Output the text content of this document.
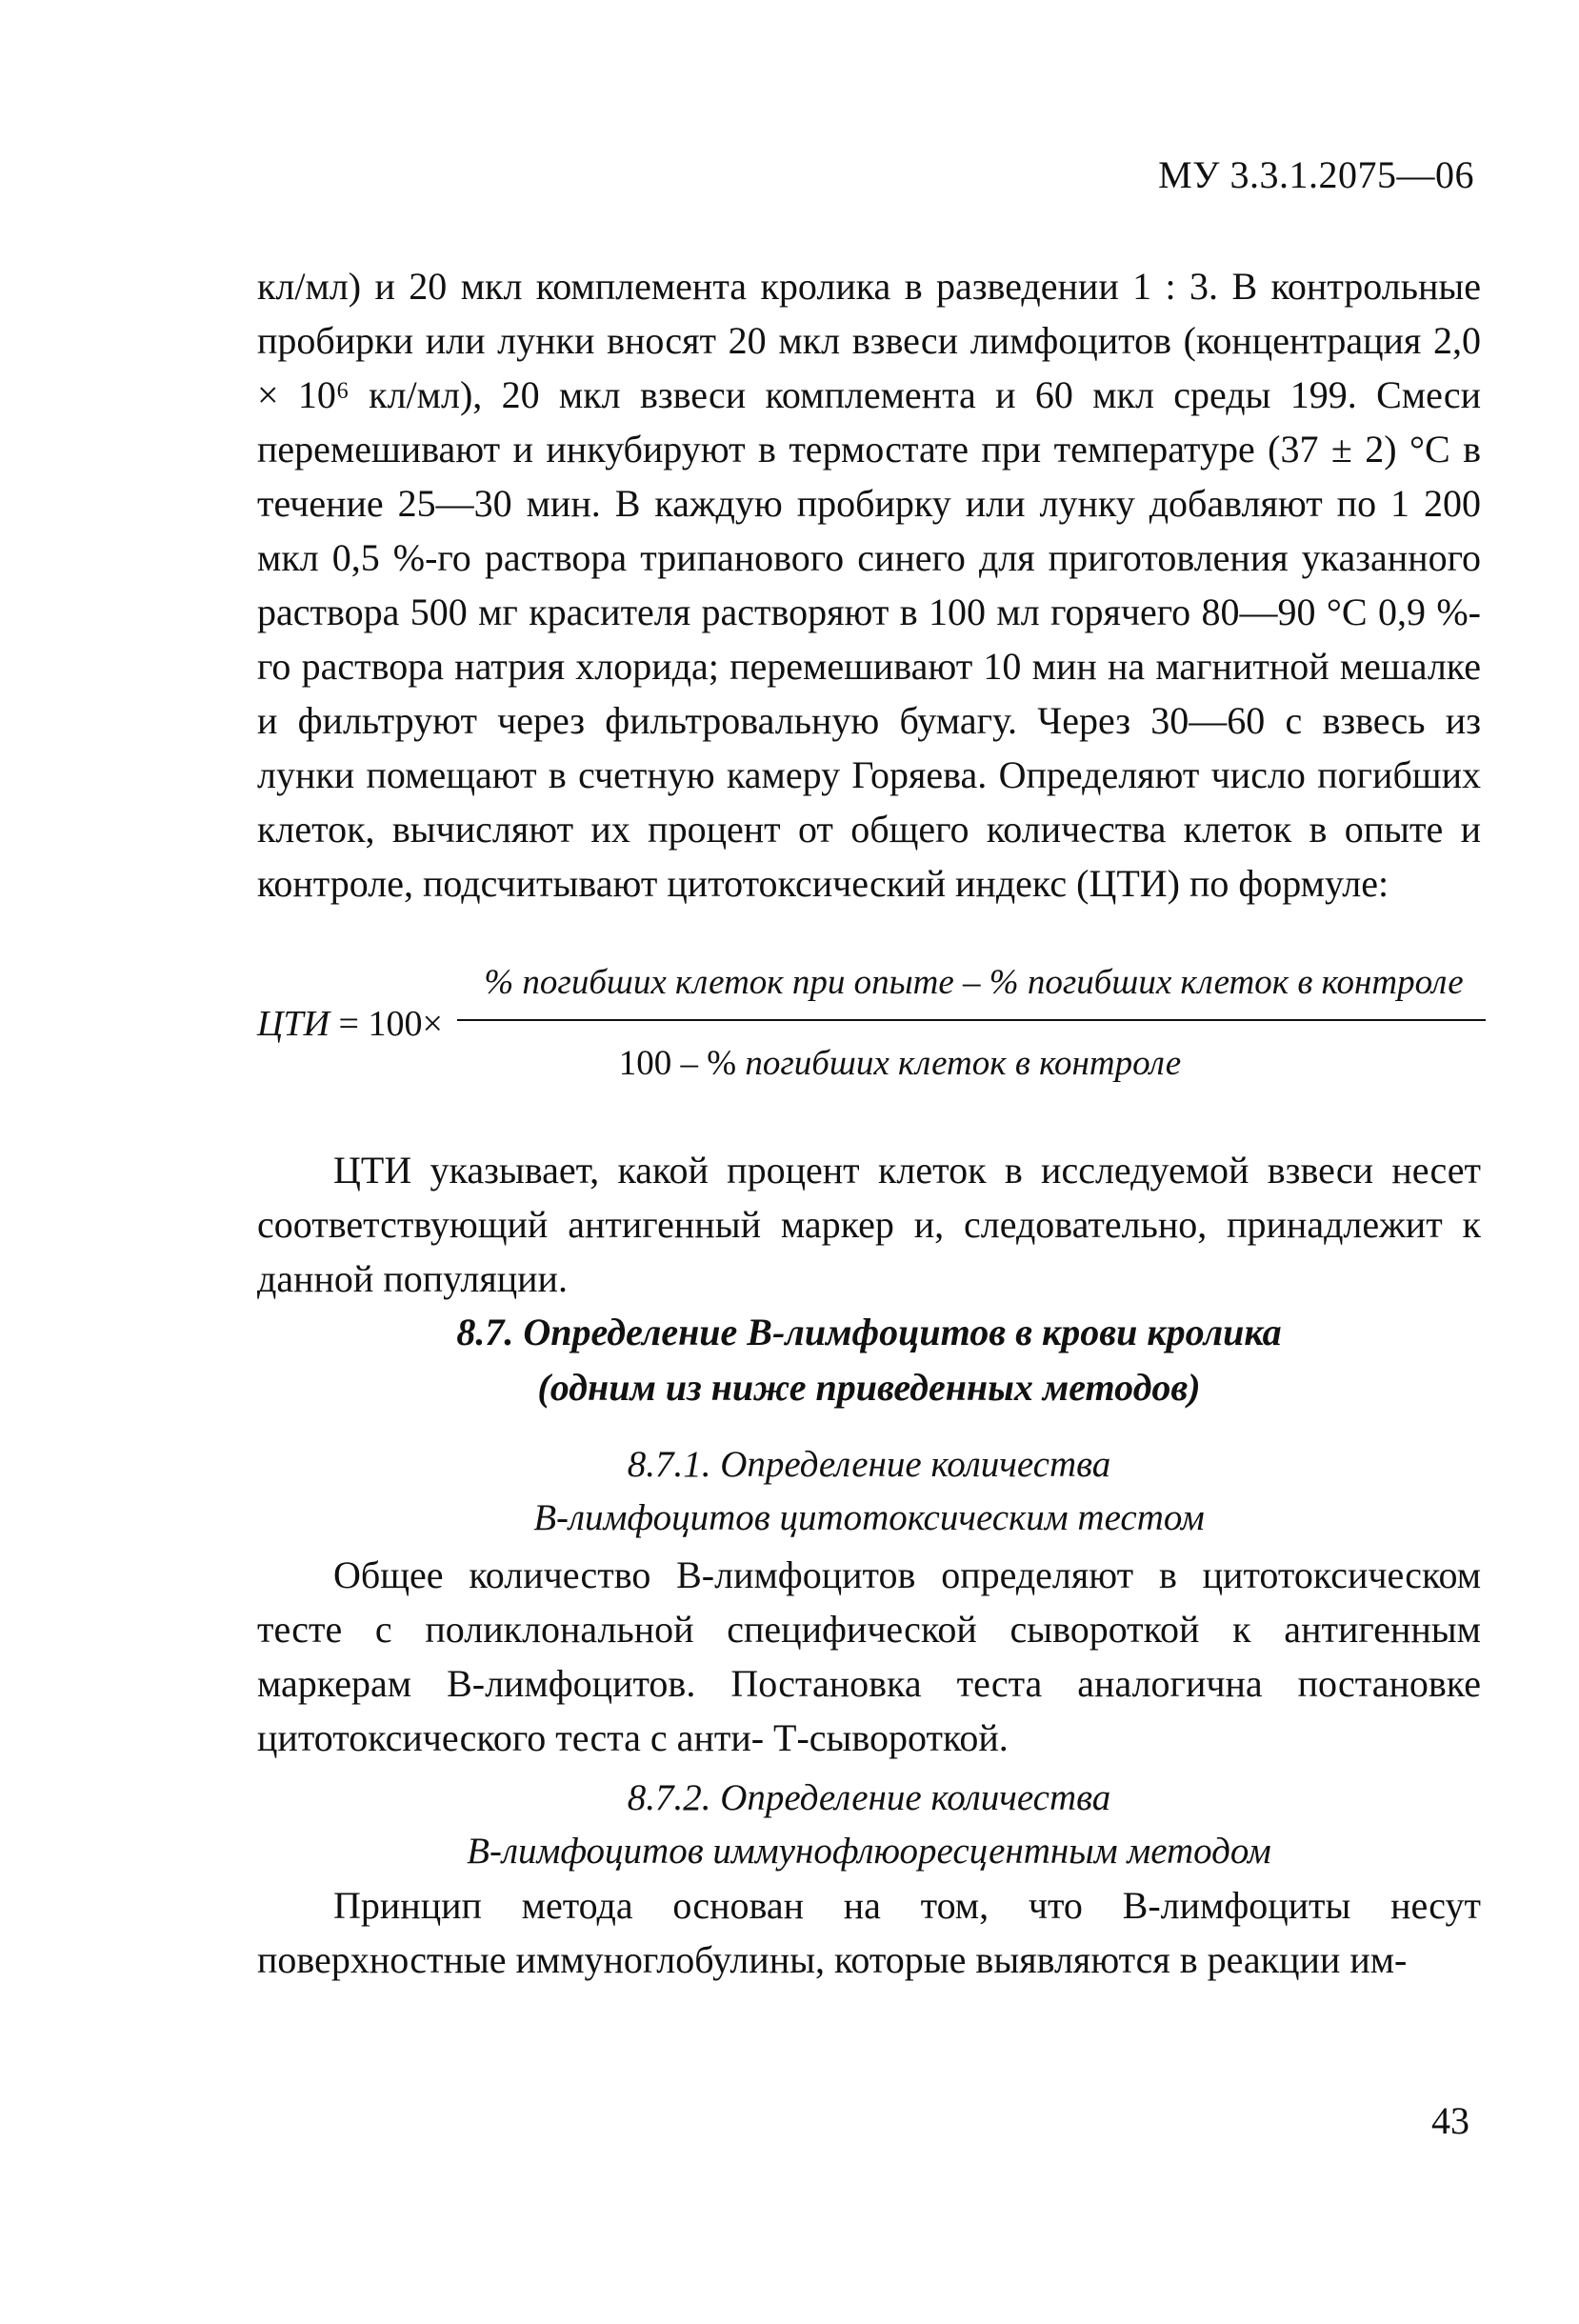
МУ 3.3.1.2075—06
кл/мл) и 20 мкл комплемента кролика в разведении 1 : 3. В контрольные пробирки или лунки вносят 20 мкл взвеси лимфоцитов (концентрация 2,0 × 10⁶ кл/мл), 20 мкл взвеси комплемента и 60 мкл среды 199. Смеси перемешивают и инкубируют в термостате при температуре (37 ± 2) °С в течение 25—30 мин. В каждую пробирку или лунку добавляют по 1 200 мкл 0,5 %-го раствора трипанового синего для приготовления указанного раствора 500 мг красителя растворяют в 100 мл горячего 80—90 °С 0,9 %-го раствора натрия хлорида; перемешивают 10 мин на магнитной мешалке и фильтруют через фильтровальную бумагу. Через 30—60 с взвесь из лунки помещают в счетную камеру Горяева. Определяют число погибших клеток, вычисляют их процент от общего количества клеток в опыте и контроле, подсчитывают цитотоксический индекс (ЦТИ) по формуле:
ЦТИ = 100×
% погибших клеток при опыте – % погибших клеток в контроле
100 – % погибших клеток в контроле
ЦТИ указывает, какой процент клеток в исследуемой взвеси несет соответствующий антигенный маркер и, следовательно, принадлежит к данной популяции.
8.7. Определение В-лимфоцитов в крови кролика
(одним из ниже приведенных методов)
8.7.1. Определение количества
В-лимфоцитов цитотоксическим тестом
Общее количество В-лимфоцитов определяют в цитотоксическом тесте с поликлональной специфической сывороткой к антигенным маркерам В-лимфоцитов. Постановка теста аналогична постановке цитотоксического теста с анти- Т-сывороткой.
8.7.2. Определение количества
В-лимфоцитов иммунофлюоресцентным методом
Принцип метода основан на том, что В-лимфоциты несут поверхностные иммуноглобулины, которые выявляются в реакции им-
43
